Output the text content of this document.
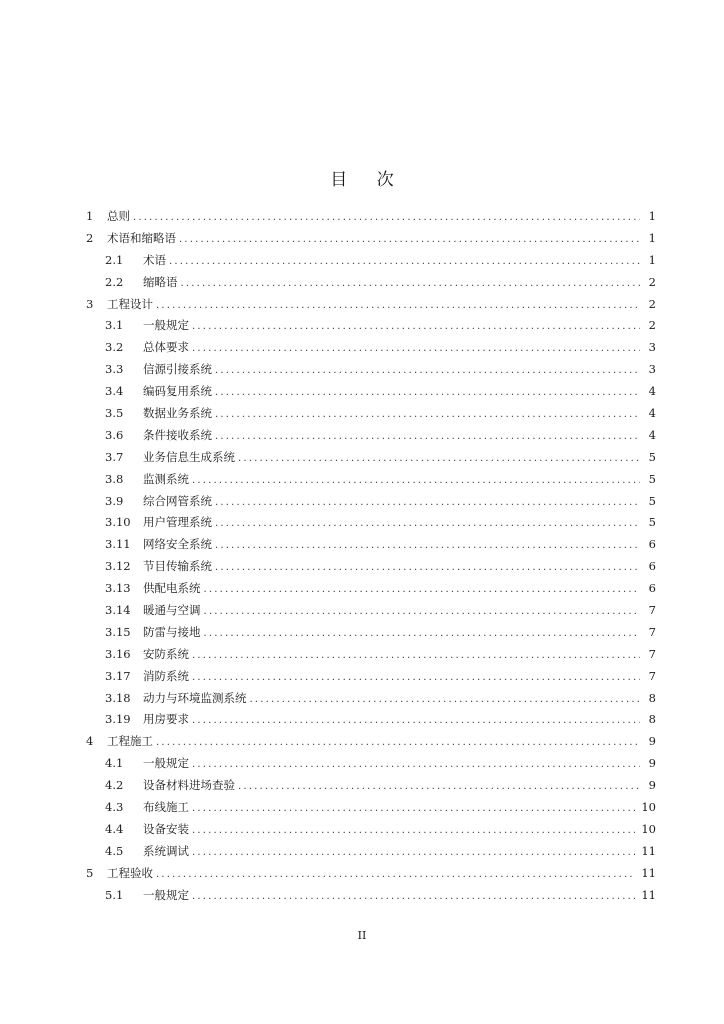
目 次
1	总则 .....	1
2	术语和缩略语 .....	1
2.1	术语 .....	1
2.2	缩略语 .....	2
3	工程设计 .....	2
3.1	一般规定 .....	2
3.2	总体要求 .....	3
3.3	信源引接系统 .....	3
3.4	编码复用系统 .....	4
3.5	数据业务系统 .....	4
3.6	条件接收系统 .....	4
3.7	业务信息生成系统 .....	5
3.8	监测系统 .....	5
3.9	综合网管系统 .....	5
3.10	用户管理系统 .....	5
3.11	网络安全系统 .....	6
3.12	节目传输系统 .....	6
3.13	供配电系统 .....	6
3.14	暖通与空调 .....	7
3.15	防雷与接地 .....	7
3.16	安防系统 .....	7
3.17	消防系统 .....	7
3.18	动力与环境监测系统 .....	8
3.19	用房要求 .....	8
4	工程施工 .....	9
4.1	一般规定 .....	9
4.2	设备材料进场查验 .....	9
4.3	布线施工 .....	10
4.4	设备安装 .....	10
4.5	系统调试 .....	11
5	工程验收 .....	11
5.1	一般规定 .....	11
II
